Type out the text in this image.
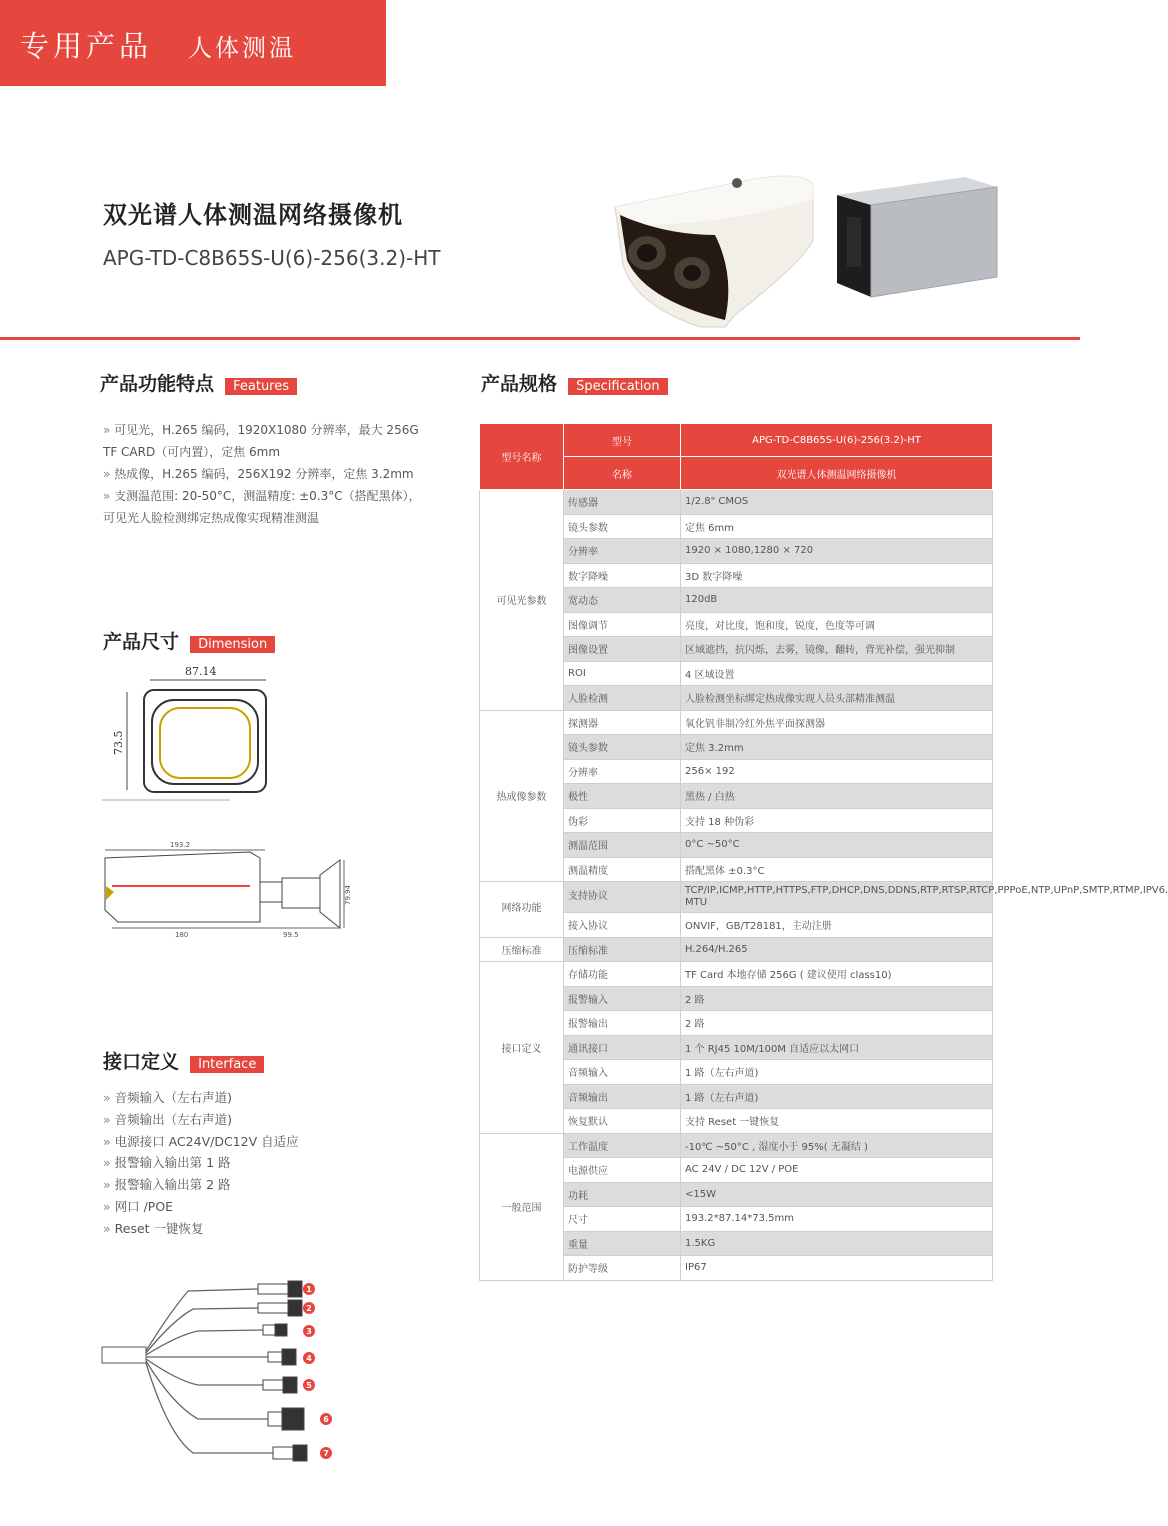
专用产品 人体测温
双光谱人体测温网络摄像机
APG-TD-C8B65S-U(6)-256(3.2)-HT
产品功能特点 Features
» 可见光，H.265 编码，1920X1080 分辨率，最大 256G TF CARD（可内置），定焦 6mm
» 热成像，H.265 编码，256X192 分辨率，定焦 3.2mm
» 支测温范围: 20-50°C，测温精度: ±0.3°C（搭配黑体），可见光人脸检测绑定热成像实现精准测温
产品尺寸 Dimension
87.14
73.5
193.2
180	99.5
79.94
接口定义 Interface
» 音频输入（左右声道)
» 音频输出（左右声道)
» 电源接口 AC24V/DC12V 自适应
» 报警输入输出第 1 路
» 报警输入输出第 2 路
» 网口 /POE
» Reset 一键恢复
1
2
3
4
5
6
7
产品规格 Specification
型号名称	型号	APG-TD-C8B65S-U(6)-256(3.2)-HT
	名称	双光谱人体测温网络摄像机
可见光参数	传感器	1/2.8" CMOS
	镜头参数	定焦 6mm
	分辨率	1920 × 1080,1280 × 720
	数字降噪	3D 数字降噪
	宽动态	120dB
	图像调节	亮度，对比度，饱和度，锐度，色度等可调
	图像设置	区域遮挡，抗闪烁，去雾，镜像，翻转，背光补偿，强光抑制
	ROI	4 区域设置
	人脸检测	人脸检测坐标绑定热成像实现人员头部精准测温
热成像参数	探测器	氧化钒非制冷红外焦平面探测器
	镜头参数	定焦 3.2mm
	分辨率	256× 192
	极性	黑热 / 白热
	伪彩	支持 18 种伪彩
	测温范围	0°C ~50°C
	测温精度	搭配黑体 ±0.3°C
网络功能	支持协议	TCP/IP,ICMP,HTTP,HTTPS,FTP,DHCP,DNS,DDNS,RTP,RTSP,RTCP,PPPoE,NTP,UPnP,SMTP,RTMP,IPV6. MTU
	接入协议	ONVIF，GB/T28181，主动注册
压缩标准	压缩标准	H.264/H.265
接口定义	存储功能	TF Card 本地存储 256G ( 建议使用 class10)
	报警输入	2 路
	报警输出	2 路
	通讯接口	1 个 RJ45 10M/100M 自适应以太网口
	音频输入	1 路（左右声道)
	音频输出	1 路（左右声道)
	恢复默认	支持 Reset 一键恢复
一般范围	工作温度	-10℃ ~50°C , 湿度小于 95%( 无凝结 )
	电源供应	AC 24V / DC 12V / POE
	功耗	<15W
	尺寸	193.2*87.14*73.5mm
	重量	1.5KG
	防护等级	IP67
